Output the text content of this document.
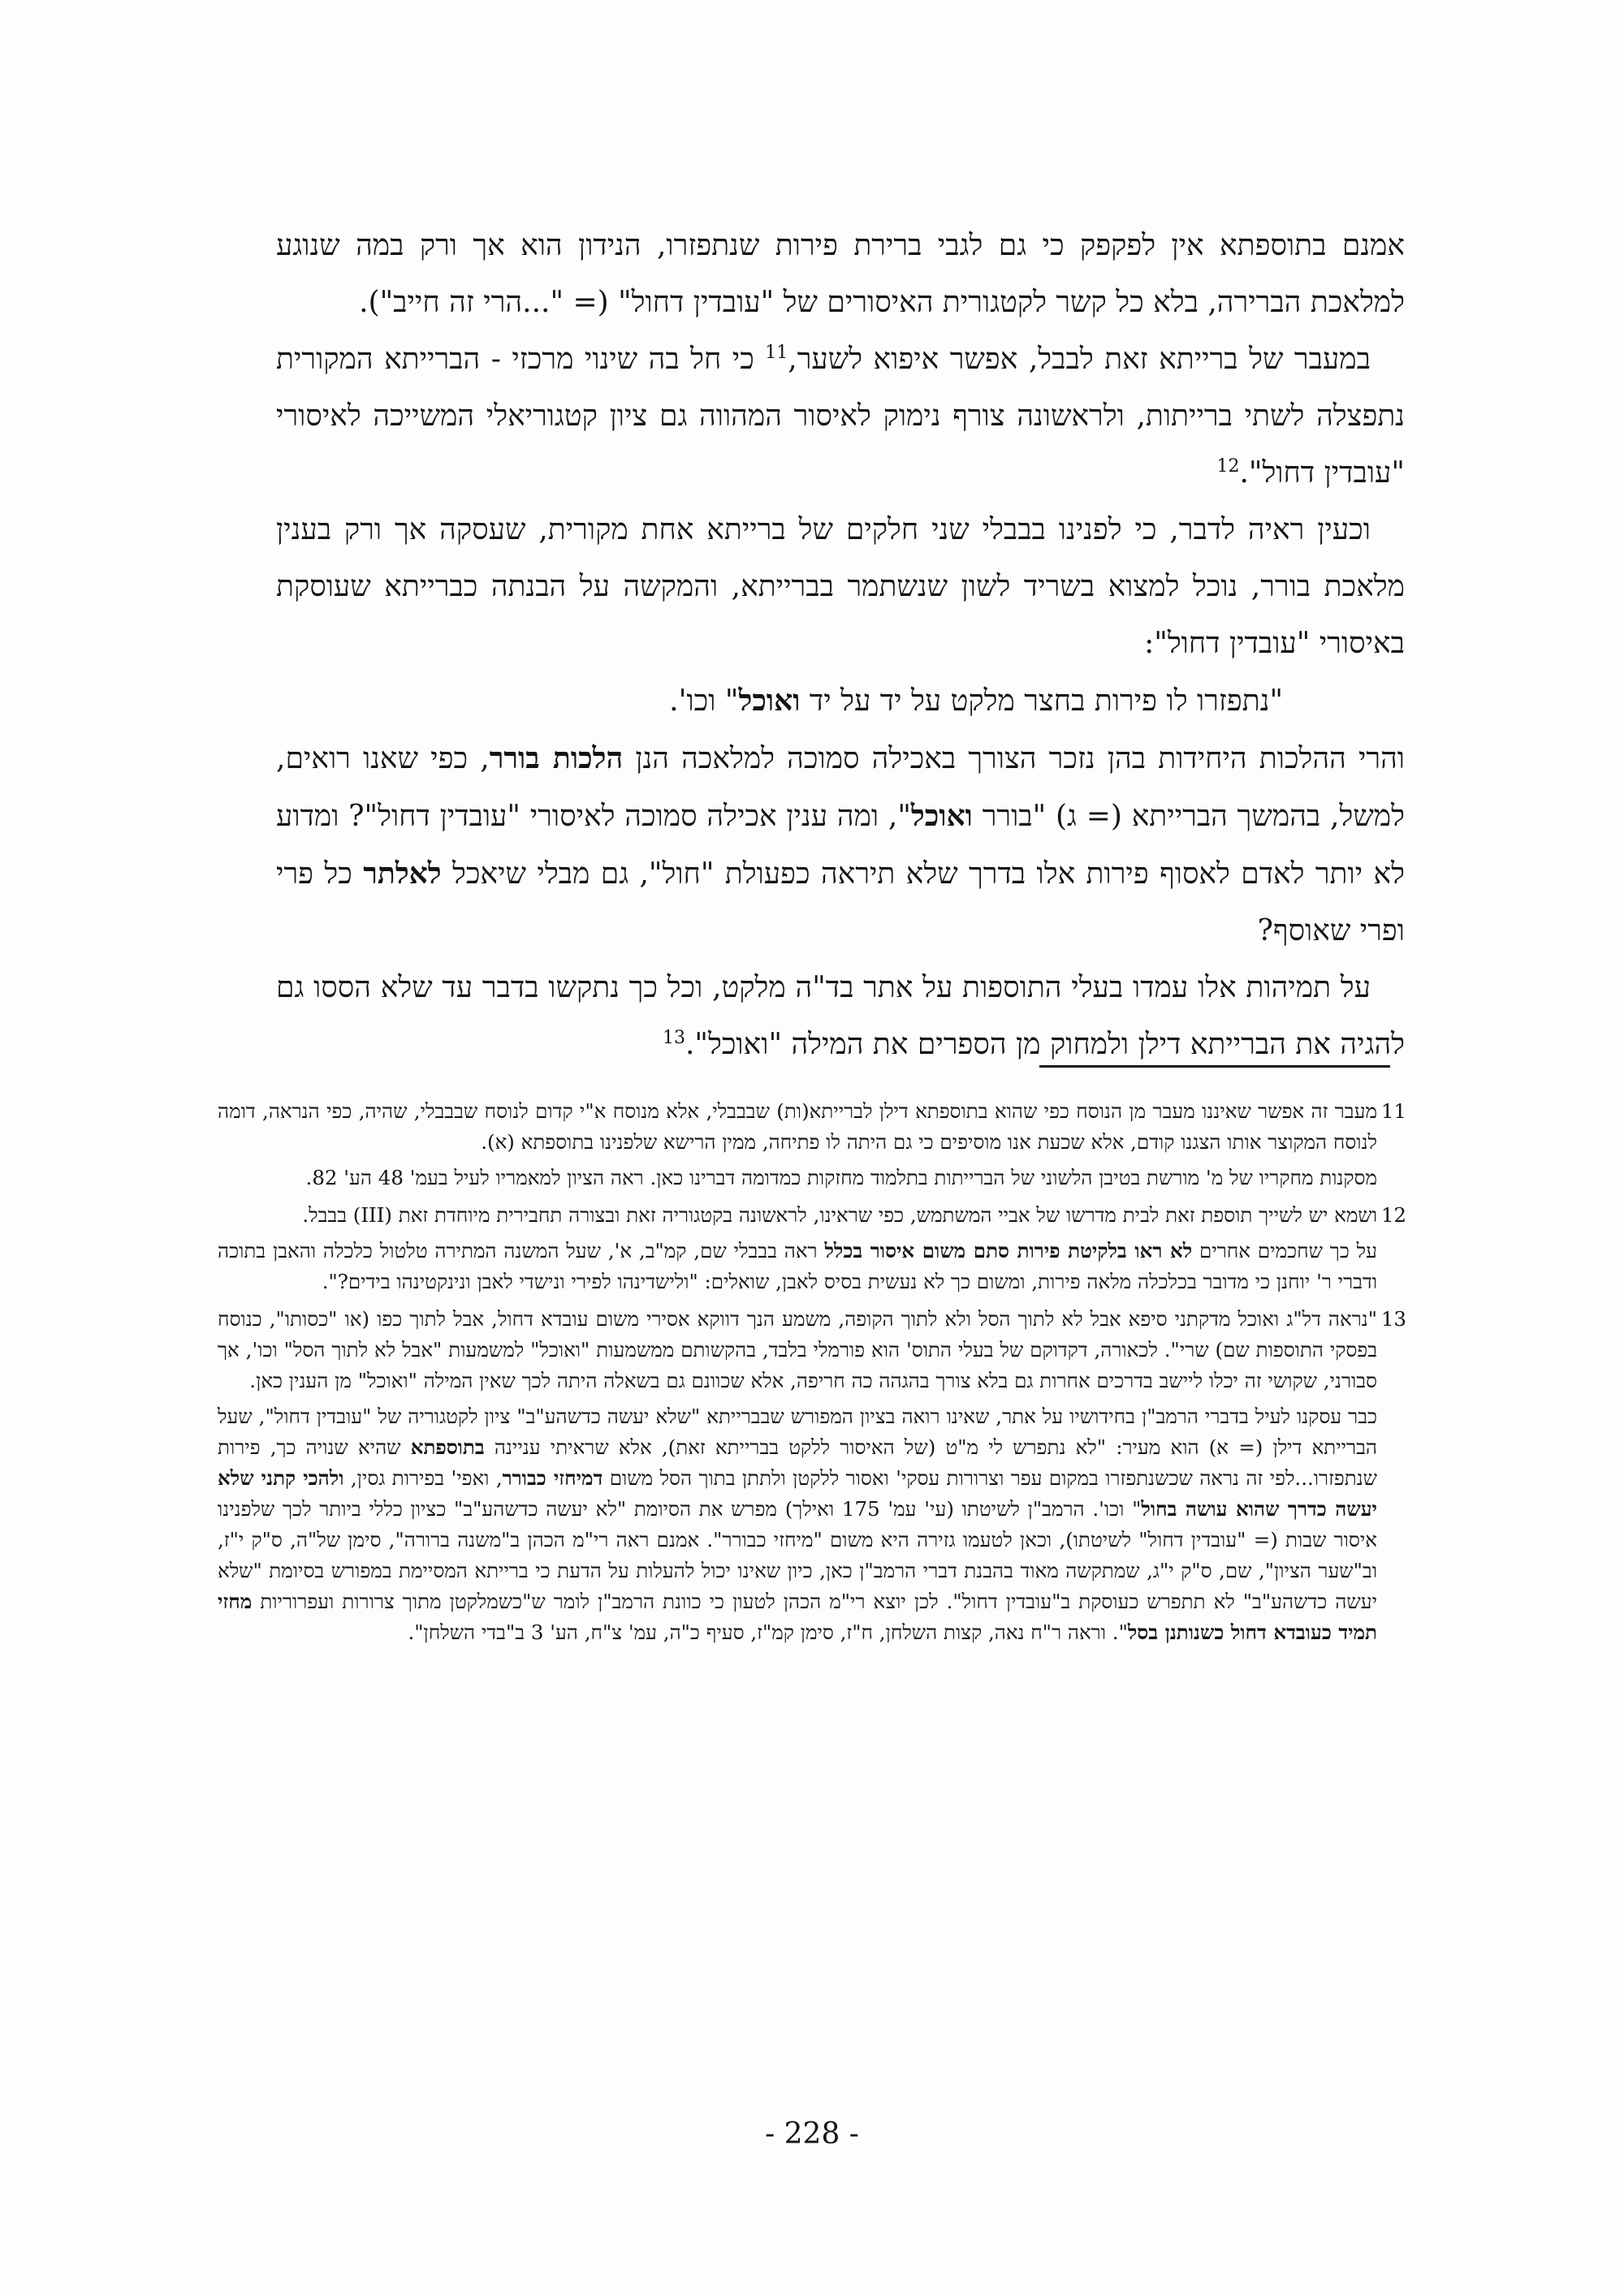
אמנם בתוספתא אין לפקפק כי גם לגבי ברירת פירות שנתפזרו, הנידון הוא אך ורק במה שנוגע למלאכת הברירה, בלא כל קשר לקטגורית האיסורים של "עובדין דחול" (= "...הרי זה חייב").

במעבר של ברייתא זאת לבבל, אפשר איפוא לשער,$^{11}$ כי חל בה שינוי מרכזי - הברייתא המקורית נתפצלה לשתי ברייתות, ולראשונה צורף נימוק לאיסור המהווה גם ציון קטגוריאלי המשייכה לאיסורי "עובדין דחול".$^{12}$

וכעין ראיה לדבר, כי לפנינו בבבלי שני חלקים של ברייתא אחת מקורית, שעסקה אך ורק בענין מלאכת בורר, נוכל למצוא בשריד לשון שנשתמר בברייתא, והמקשה על הבנתה כברייתא שעוסקת באיסורי "עובדין דחול":

"נתפזרו לו פירות בחצר מלקט על יד על יד ואוכל" וכו'.

והרי ההלכות היחידות בהן נזכר הצורך באכילה סמוכה למלאכה הנן הלכות בורר, כפי שאנו רואים, למשל, בהמשך הברייתא (= ג) "בורר ואוכל", ומה ענין אכילה סמוכה לאיסורי "עובדין דחול"? ומדוע לא יותר לאדם לאסוף פירות אלו בדרך שלא תיראה כפעולת "חול", גם מבלי שיאכל לאלתר כל פרי ופרי שאוסף?

על תמיהות אלו עמדו בעלי התוספות על אתר בד"ה מלקט, וכל כך נתקשו בדבר עד שלא הססו גם להגיה את הברייתא דילן ולמחוק מן הספרים את המילה "ואוכל".$^{13}$

11

מעבר זה אפשר שאיננו מעבר מן הנוסח כפי שהוא בתוספתא דילן לברייתא(ות) שבבבלי, אלא מנוסח א"י קדום לנוסח שבבבלי, שהיה, כפי הנראה, דומה לנוסח המקוצר אותו הצגנו קודם, אלא שכעת אנו מוסיפים כי גם היתה לו פתיחה, ממין הרישא שלפנינו בתוספתא (א).

מסקנות מחקריו של מ' מורשת בטיבן הלשוני של הברייתות בתלמוד מחזקות כמדומה דברינו כאן. ראה הציון למאמריו לעיל בעמ' 48 הע' 82.

12

ושמא יש לשייך תוספת זאת לבית מדרשו של אביי המשתמש, כפי שראינו, לראשונה בקטגוריה זאת ובצורה תחבירית מיוחדת זאת (III) בבבל.

על כך שחכמים אחרים לא ראו בלקיטת פירות סתם משום איסור בכלל ראה בבבלי שם, קמ"ב, א', שעל המשנה המתירה טלטול כלכלה והאבן בתוכה ודברי ר' יוחנן כי מדובר בכלכלה מלאה פירות, ומשום כך לא נעשית בסיס לאבן, שואלים: "ולישדינהו לפירי ונישדי לאבן ונינקטינהו בידים?".

13

"נראה דל"ג ואוכל מדקתני סיפא אבל לא לתוך הסל ולא לתוך הקופה, משמע הנך דווקא אסירי משום עובדא דחול, אבל לתוך כפו (או "כסותו", כנוסח בפסקי התוספות שם) שרי". לכאורה, דקדוקם של בעלי התוס' הוא פורמלי בלבד, בהקשותם ממשמעות "ואוכל" למשמעות "אבל לא לתוך הסל" וכו', אך סבורני, שקושי זה יכלו ליישב בדרכים אחרות גם בלא צורך בהגהה כה חריפה, אלא שכוונם גם בשאלה היתה לכך שאין המילה "ואוכל" מן הענין כאן.

כבר עסקנו לעיל בדברי הרמב"ן בחידושיו על אתר, שאינו רואה בציון המפורש שבברייתא "שלא יעשה כדשהע"ב" ציון לקטגוריה של "עובדין דחול", שעל הברייתא דילן (= א) הוא מעיר: "לא נתפרש לי מ"ט (של האיסור ללקט בברייתא זאת), אלא שראיתי עניינה בתוספתא שהיא שנויה כך, פירות שנתפזרו...לפי זה נראה שכשנתפזרו במקום עפר וצרורות עסקי' ואסור ללקטן ולתתן בתוך הסל משום דמיחזי כבורר, ואפי' בפירות גסין, ולהכי קתני שלא יעשה כדרך שהוא עושה בחול" וכו'. הרמב"ן לשיטתו (עי' עמ' 175 ואילך) מפרש את הסיומת "לא יעשה כדשהע"ב" כציון כללי ביותר לכך שלפנינו איסור שבות (= "עובדין דחול" לשיטתו), וכאן לטעמו גזירה היא משום "מיחזי כבורר". אמנם ראה רי"מ הכהן ב"משנה ברורה", סימן של"ה, ס"ק י"ז, וב"שער הציון", שם, ס"ק י"ג, שמתקשה מאוד בהבנת דברי הרמב"ן כאן, כיון שאינו יכול להעלות על הדעת כי ברייתא המסיימת במפורש בסיומת "שלא יעשה כדשהע"ב" לא תתפרש כעוסקת ב"עובדין דחול". לכן יוצא רי"מ הכהן לטעון כי כוונת הרמב"ן לומר ש"כשמלקטן מתוך צרורות ועפרוריות מחזי תמיד כעובדא דחול כשנותנן בסל". וראה ר"ח נאה, קצות השלחן, ח"ז, סימן קמ"ז, סעיף כ"ה, עמ' צ"ח, הע' 3 ב"בדי השלחן".

- 228 -
